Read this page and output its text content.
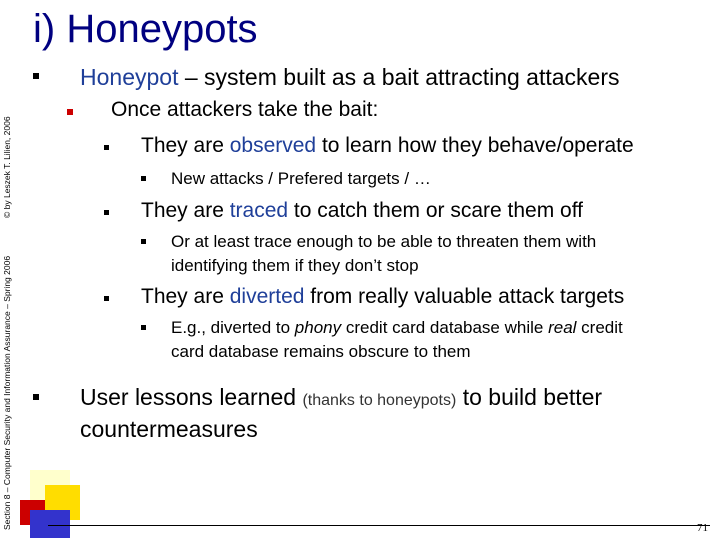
i) Honeypots
© by Leszek T. Lilien, 2006
Section 8 – Computer Security and Information Assurance – Spring 2006
Honeypot – system built as a bait attracting attackers
Once attackers take the bait:
They are observed to learn how they behave/operate
New attacks / Prefered targets / …
They are traced to catch them or scare them off
Or at least trace enough to be able to threaten them with
identifying them if they don’t stop
They are diverted from really valuable attack targets
E.g., diverted to phony credit card database while real credit
card database remains obscure to them
User lessons learned (thanks to honeypots) to build better
countermeasures
71
